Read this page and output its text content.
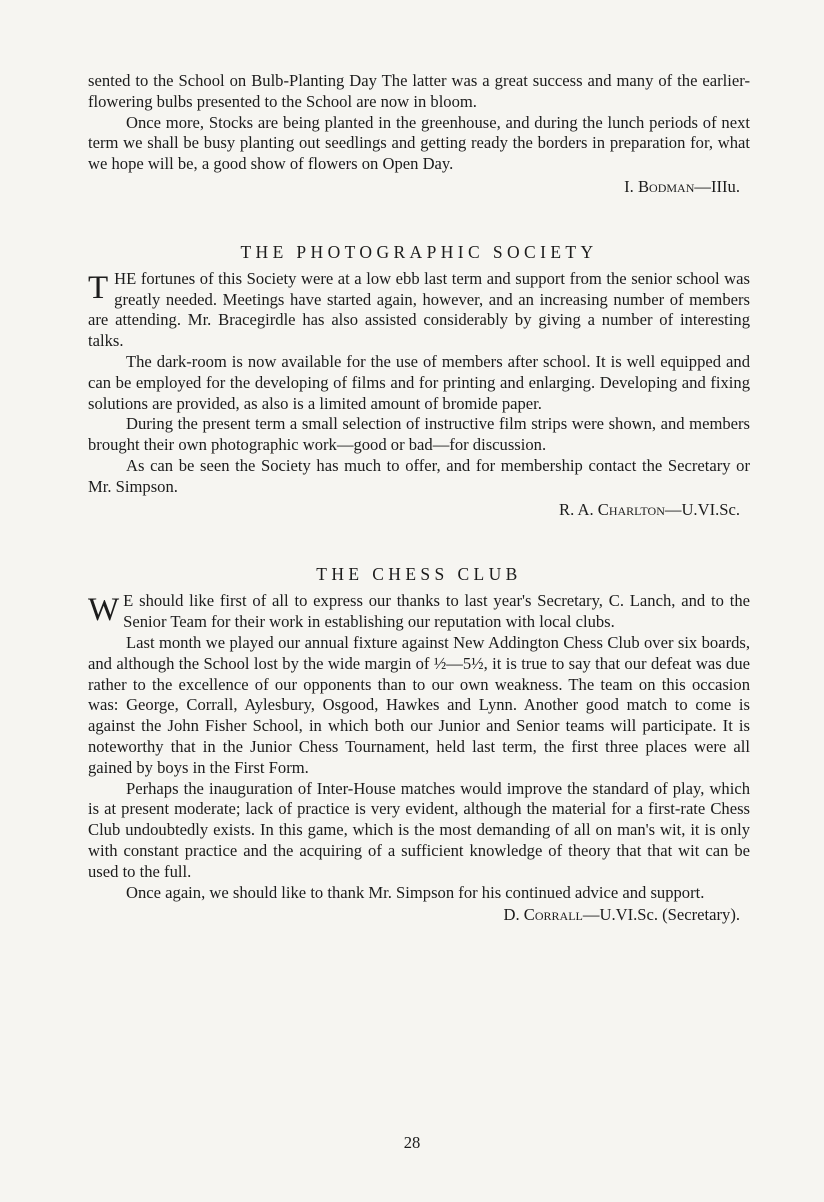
sented to the School on Bulb-Planting Day The latter was a great success and many of the earlier-flowering bulbs presented to the School are now in bloom.

Once more, Stocks are being planted in the greenhouse, and during the lunch periods of next term we shall be busy planting out seedlings and getting ready the borders in preparation for, what we hope will be, a good show of flowers on Open Day.

I. Bodman—IIIu.
THE PHOTOGRAPHIC SOCIETY

THE fortunes of this Society were at a low ebb last term and support from the senior school was greatly needed. Meetings have started again, however, and an increasing number of members are attending. Mr. Bracegirdle has also assisted considerably by giving a number of interesting talks.

The dark-room is now available for the use of members after school. It is well equipped and can be employed for the developing of films and for printing and enlarging. Developing and fixing solutions are provided, as also is a limited amount of bromide paper.

During the present term a small selection of instructive film strips were shown, and members brought their own photographic work—good or bad—for discussion.

As can be seen the Society has much to offer, and for membership contact the Secretary or Mr. Simpson.

R. A. Charlton—U.VI.Sc.
THE CHESS CLUB

WE should like first of all to express our thanks to last year's Secretary, C. Lanch, and to the Senior Team for their work in establishing our reputation with local clubs.

Last month we played our annual fixture against New Addington Chess Club over six boards, and although the School lost by the wide margin of ½—5½, it is true to say that our defeat was due rather to the excellence of our opponents than to our own weakness. The team on this occasion was: George, Corrall, Aylesbury, Osgood, Hawkes and Lynn. Another good match to come is against the John Fisher School, in which both our Junior and Senior teams will participate. It is noteworthy that in the Junior Chess Tournament, held last term, the first three places were all gained by boys in the First Form.

Perhaps the inauguration of Inter-House matches would improve the standard of play, which is at present moderate; lack of practice is very evident, although the material for a first-rate Chess Club undoubtedly exists. In this game, which is the most demanding of all on man's wit, it is only with constant practice and the acquiring of a sufficient knowledge of theory that that wit can be used to the full.

Once again, we should like to thank Mr. Simpson for his continued advice and support.

D. Corrall—U.VI.Sc. (Secretary).
28
